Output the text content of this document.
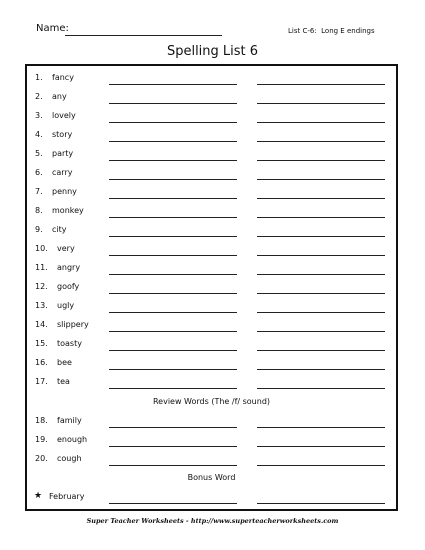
Name:	List C-6:  Long E endings
Spelling List 6
1. fancy
2. any
3. lovely
4. story
5. party
6. carry
7. penny
8. monkey
9. city
10. very
11. angry
12. goofy
13. ugly
14. slippery
15. toasty
16. bee
17. tea
Review Words (The /f/ sound)
18. family
19. enough
20. cough
Bonus Word
★ February
Super Teacher Worksheets - http://www.superteacherworksheets.com
